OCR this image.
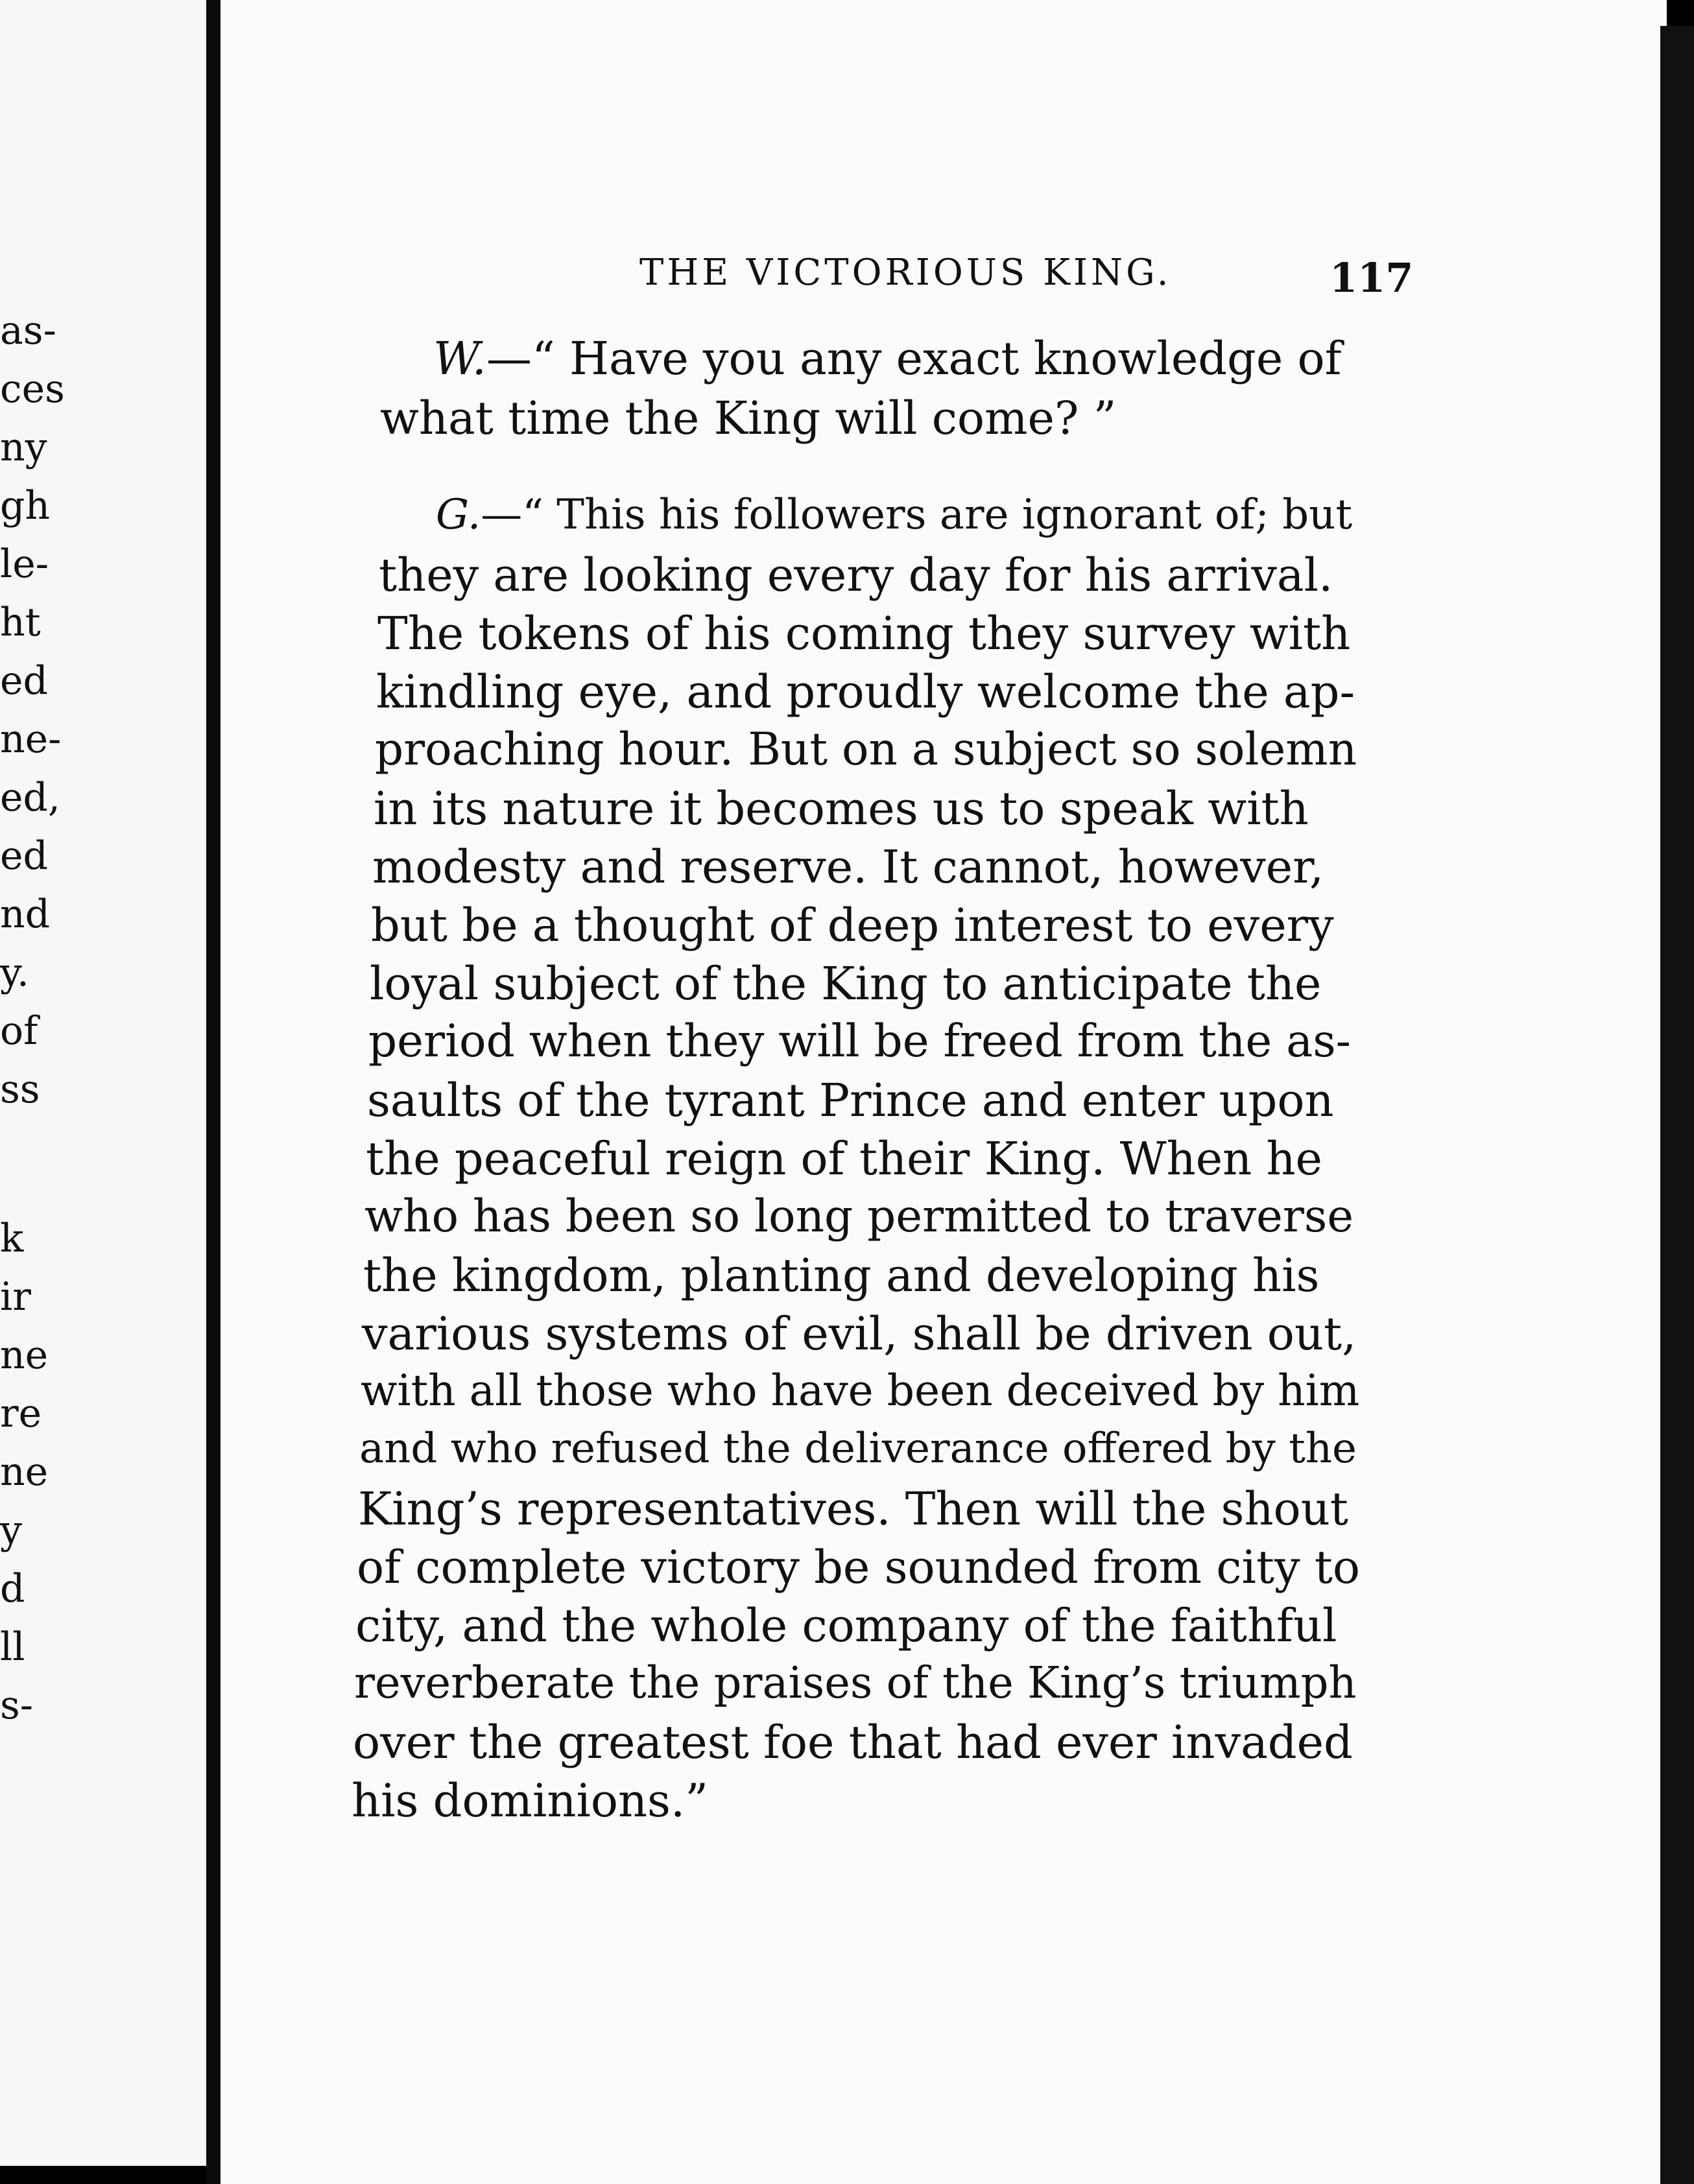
as-
ces
ny
gh
le-
ht
ed
ne-
ed,
ed
nd
y.
of
ss
k
ir
ne
re
ne
y
d
ll
s-
THE VICTORIOUS KING.	117
W.—“ Have you any exact knowledge of
what time the King will come? ”
G.—“ This his followers are ignorant of; but
they are looking every day for his arrival.
The tokens of his coming they survey with
kindling eye, and proudly welcome the ap-
proaching hour. But on a subject so solemn
in its nature it becomes us to speak with
modesty and reserve. It cannot, however,
but be a thought of deep interest to every
loyal subject of the King to anticipate the
period when they will be freed from the as-
saults of the tyrant Prince and enter upon
the peaceful reign of their King. When he
who has been so long permitted to traverse
the kingdom, planting and developing his
various systems of evil, shall be driven out,
with all those who have been deceived by him
and who refused the deliverance offered by the
King’s representatives. Then will the shout
of complete victory be sounded from city to
city, and the whole company of the faithful
reverberate the praises of the King’s triumph
over the greatest foe that had ever invaded
his dominions.”
